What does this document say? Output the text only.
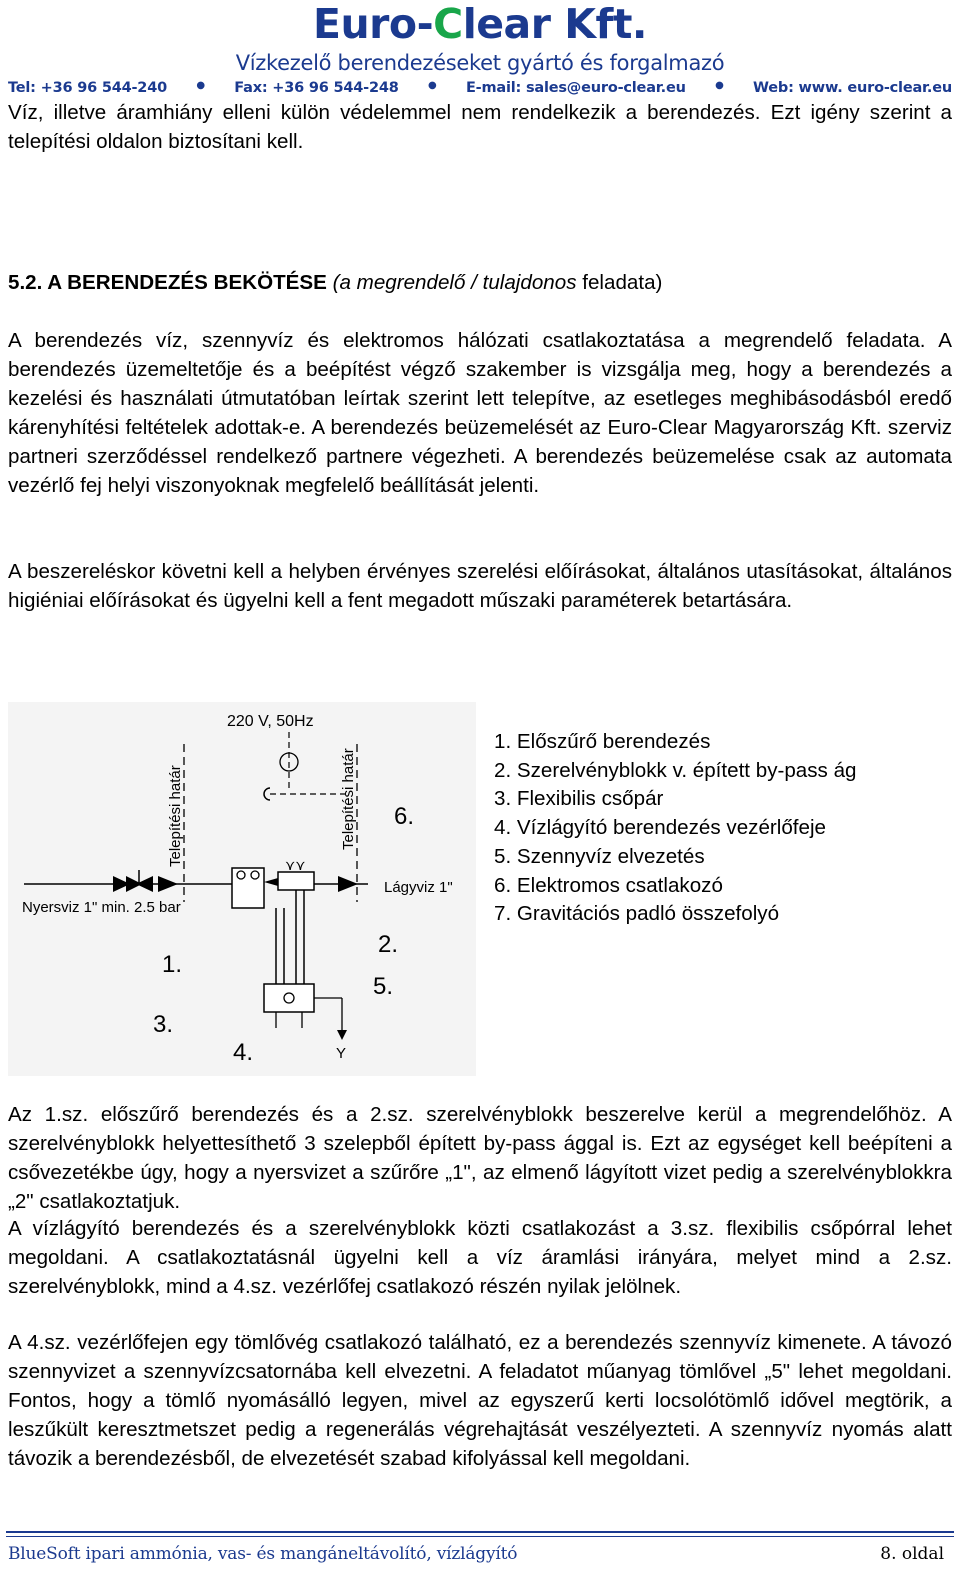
Euro-Clear Kft.
Vízkezelő berendezéseket gyártó és forgalmazó
Tel: +36 96 544-240	● Fax: +36 96 544-248	● E-mail: sales@euro-clear.eu	● Web: www. euro-clear.eu
Víz, illetve áramhiány elleni külön védelemmel nem rendelkezik a berendezés. Ezt igény szerint a telepítési oldalon biztosítani kell.
5.2. A BERENDEZÉS BEKÖTÉSE (a megrendelő / tulajdonos feladata)
A berendezés víz, szennyvíz és elektromos hálózati csatlakoztatása a megrendelő feladata. A berendezés üzemeltetője és a beépítést végző szakember is vizsgálja meg, hogy a berendezés a kezelési és használati útmutatóban leírtak szerint lett telepítve, az esetleges meghibásodásból eredő kárenyhítési feltételek adottak-e. A berendezés beüzemelését az Euro-Clear Magyarország Kft. szerviz partneri szerződéssel rendelkező partnere végezheti. A berendezés beüzemelése csak az automata vezérlő fej helyi viszonyoknak megfelelő beállítását jelenti.
A beszereléskor követni kell a helyben érvényes szerelési előírásokat, általános utasításokat, általános higiéniai előírásokat és ügyelni kell a fent megadott műszaki paraméterek betartására.
220 V, 50Hz
Telepítési határ	Telepítési határ 6.
⋎⋎
Nyersviz 1" min. 2.5 bar
Lágyviz 1"
1.
2.
5.
3.
4.	Y
1. Előszűrő berendezés
2. Szerelvényblokk v. épített by-pass ág
3. Flexibilis csőpár
4. Vízlágyító berendezés vezérlőfeje
5. Szennyvíz elvezetés
6. Elektromos csatlakozó
7. Gravitációs padló összefolyó
Az 1.sz. előszűrő berendezés és a 2.sz. szerelvényblokk beszerelve kerül a megrendelőhöz. A szerelvényblokk helyettesíthető 3 szelepből épített by-pass ággal is. Ezt az egységet kell beépíteni a csővezetékbe úgy, hogy a nyersvizet a szűrőre „1", az elmenő lágyított vizet pedig a szerelvényblokkra „2" csatlakoztatjuk.
A vízlágyító berendezés és a szerelvényblokk közti csatlakozást a 3.sz. flexibilis csőpórral lehet megoldani. A csatlakoztatásnál ügyelni kell a víz áramlási irányára, melyet mind a 2.sz. szerelvényblokk, mind a 4.sz. vezérlőfej csatlakozó részén nyilak jelölnek.
A 4.sz. vezérlőfejen egy tömlővég csatlakozó található, ez a berendezés szennyvíz kimenete. A távozó szennyvizet a szennyvízcsatornába kell elvezetni. A feladatot műanyag tömlővel „5" lehet megoldani. Fontos, hogy a tömlő nyomásálló legyen, mivel az egyszerű kerti locsolótömlő idővel megtörik, a leszűkült keresztmetszet pedig a regenerálás végrehajtását veszélyezteti. A szennyvíz nyomás alatt távozik a berendezésből, de elvezetését szabad kifolyással kell megoldani.
BlueSoft ipari ammónia, vas- és mangáneltávolító, vízlágyító	8. oldal
